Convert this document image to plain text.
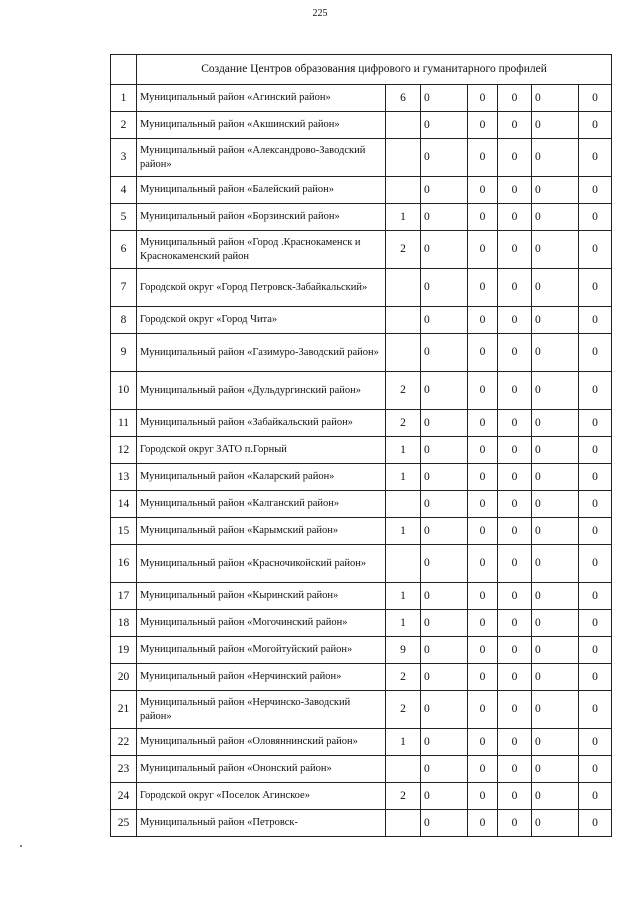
225
	Создание Центров образования цифрового и гуманитарного профилей						
1	Муниципальный район «Агинский район»	6	0	0	0	0	0
2	Муниципальный район «Акшинский район»		0	0	0	0	0
3	Муниципальный район «Александрово-Заводский район»		0	0	0	0	0
4	Муниципальный район «Балейский район»		0	0	0	0	0
5	Муниципальный район «Борзинский район»	1	0	0	0	0	0
6	Муниципальный район «Город .Краснокаменск и Краснокаменский район	2	0	0	0	0	0
7	Городской округ «Город Петровск-Забайкальский»		0	0	0	0	0
8	Городской округ «Город Чита»		0	0	0	0	0
9	Муниципальный район «Газимуро-Заводский район»		0	0	0	0	0
10	Муниципальный район «Дульдургинский район»	2	0	0	0	0	0
11	Муниципальный район «Забайкальский район»	2	0	0	0	0	0
12	Городской округ ЗАТО п.Горный	1	0	0	0	0	0
13	Муниципальный район «Каларский район»	1	0	0	0	0	0
14	Муниципальный район «Калганский район»		0	0	0	0	0
15	Муниципальный район «Карымский район»	1	0	0	0	0	0
16	Муниципальный район «Красночикойский район»		0	0	0	0	0
17	Муниципальный район «Кыринский район»	1	0	0	0	0	0
18	Муниципальный район «Могочинский район»	1	0	0	0	0	0
19	Муниципальный район «Могойтуйский район»	9	0	0	0	0	0
20	Муниципальный район «Нерчинский район»	2	0	0	0	0	0
21	Муниципальный район «Нерчинско-Заводский район»	2	0	0	0	0	0
22	Муниципальный район «Оловяннинский район»	1	0	0	0	0	0
23	Муниципальный район «Ононский район»		0	0	0	0	0
24	Городской округ «Поселок Агинское»	2	0	0	0	0	0
25	Муниципальный район «Петровск-		0	0	0	0	0
